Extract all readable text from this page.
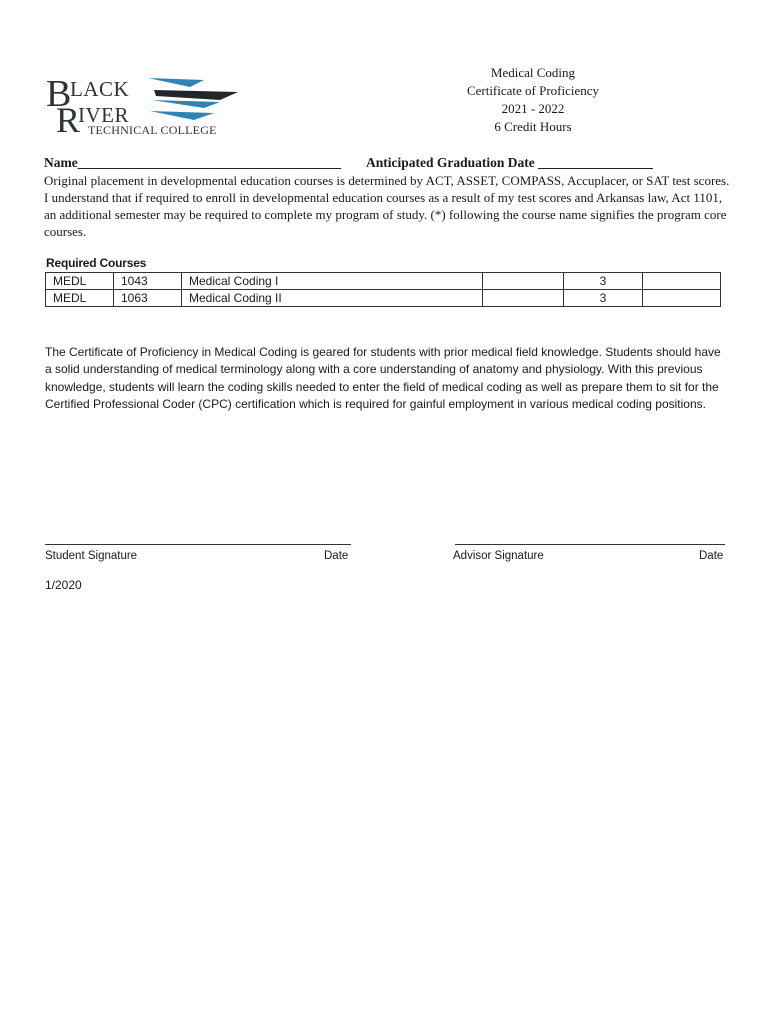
B
LACK
R
IVER
TECHNICAL COLLEGE
Medical Coding
Certificate of Proficiency
2021 - 2022
6 Credit Hours
Name_______________________________________ Anticipated Graduation Date _________________
Original placement in developmental education courses is determined by ACT, ASSET, COMPASS, Accuplacer, or SAT test scores. I understand that if required to enroll in developmental education courses as a result of my test scores and Arkansas law, Act 1101, an additional semester may be required to complete my program of study. (*) following the course name signifies the program core courses.
Required Courses
MEDL	1043	Medical Coding I		3	
MEDL	1063	Medical Coding II		3	
The Certificate of Proficiency in Medical Coding is geared for students with prior medical field knowledge. Students should have a solid understanding of medical terminology along with a core understanding of anatomy and physiology. With this previous knowledge, students will learn the coding skills needed to enter the field of medical coding as well as prepare them to sit for the Certified Professional Coder (CPC) certification which is required for gainful employment in various medical coding positions.
Student Signature	Date	Advisor Signature	Date
1/2020
